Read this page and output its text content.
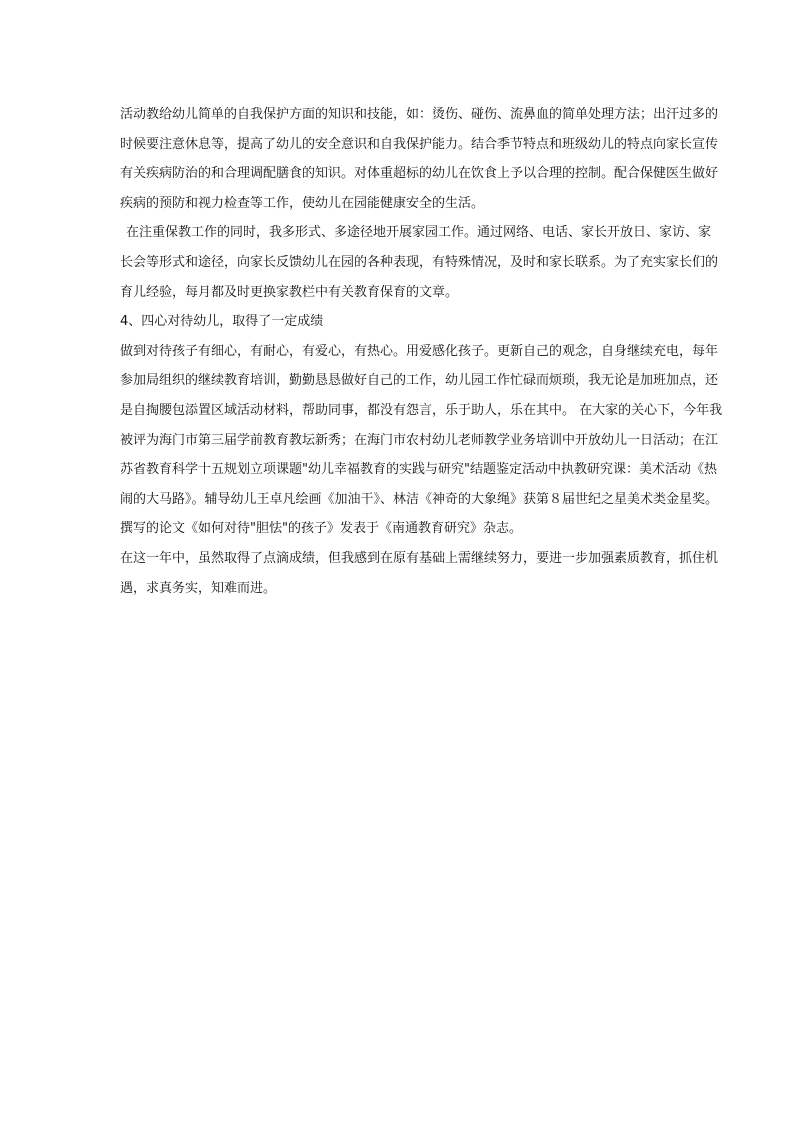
活动教给幼儿简单的自我保护方面的知识和技能，如：烫伤、碰伤、流鼻血的简单处理方法；出汗过多的
时候要注意休息等，提高了幼儿的安全意识和自我保护能力。结合季节特点和班级幼儿的特点向家长宣传
有关疾病防治的和合理调配膳食的知识。对体重超标的幼儿在饮食上予以合理的控制。配合保健医生做好
疾病的预防和视力检查等工作，使幼儿在园能健康安全的生活。
在注重保教工作的同时，我多形式、多途径地开展家园工作。通过网络、电话、家长开放日、家访、家
长会等形式和途径，向家长反馈幼儿在园的各种表现，有特殊情况，及时和家长联系。为了充实家长们的
育儿经验，每月都及时更换家教栏中有关教育保育的文章。
4、四心对待幼儿，取得了一定成绩
做到对待孩子有细心，有耐心，有爱心，有热心。用爱感化孩子。更新自己的观念，自身继续充电，每年
参加局组织的继续教育培训，勤勤恳恳做好自己的工作，幼儿园工作忙碌而烦琐，我无论是加班加点，还
是自掏腰包添置区域活动材料，帮助同事，都没有怨言，乐于助人，乐在其中。 在大家的关心下，今年我
被评为海门市第三届学前教育教坛新秀；在海门市农村幼儿老师教学业务培训中开放幼儿一日活动；在江
苏省教育科学十五规划立项课题"幼儿幸福教育的实践与研究"结题鉴定活动中执教研究课：美术活动《热
闹的大马路》。辅导幼儿王卓凡绘画《加油干》、林洁《神奇的大象绳》获第８届世纪之星美术类金星奖。
撰写的论文《如何对待"胆怯"的孩子》发表于《南通教育研究》杂志。
在这一年中，虽然取得了点滴成绩，但我感到在原有基础上需继续努力，要进一步加强素质教育，抓住机
遇，求真务实，知难而进。
